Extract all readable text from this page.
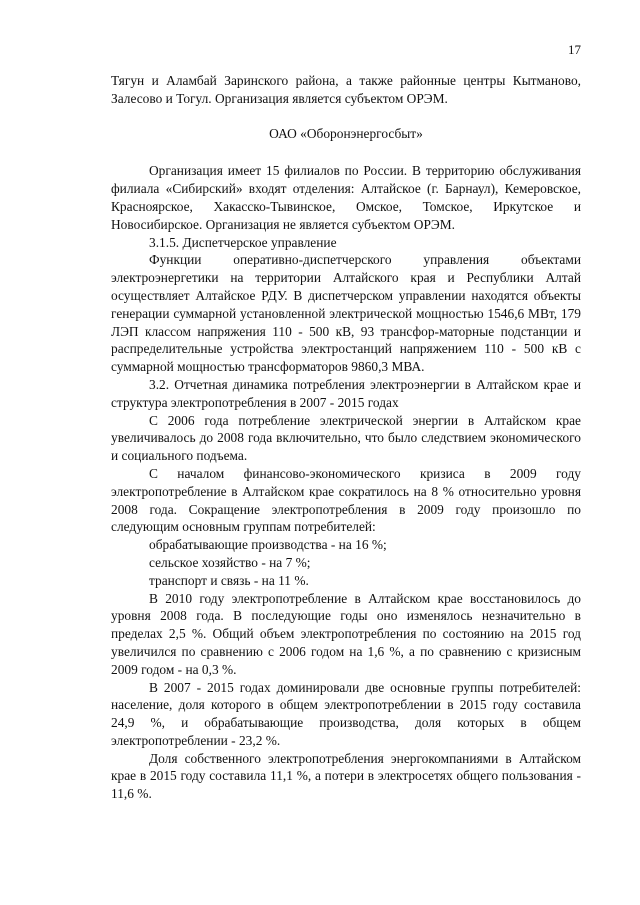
17

Тягун и Аламбай Заринского района, а также районные центры Кытманово, Залесово и Тогул. Организация является субъектом ОРЭМ.

ОАО «Оборонэнергосбыт»

Организация имеет 15 филиалов по России. В территорию обслуживания филиала «Сибирский» входят отделения: Алтайское (г. Барнаул), Кемеровское, Красноярское, Хакасско-Тывинское, Омское, Томское, Иркутское и Новосибирское. Организация не является субъектом ОРЭМ.

3.1.5. Диспетчерское управление

Функции оперативно-диспетчерского управления объектами электроэнергетики на территории Алтайского края и Республики Алтай осуществляет Алтайское РДУ. В диспетчерском управлении находятся объекты генерации суммарной установленной электрической мощностью 1546,6 МВт, 179 ЛЭП классом напряжения 110 - 500 кВ, 93 трансфор-маторные подстанции и распределительные устройства электростанций напряжением 110 - 500 кВ с суммарной мощностью трансформаторов 9860,3 МВА.

3.2. Отчетная динамика потребления электроэнергии в Алтайском крае и структура электропотребления в 2007 - 2015 годах

С 2006 года потребление электрической энергии в Алтайском крае увеличивалось до 2008 года включительно, что было следствием экономического и социального подъема.

С началом финансово-экономического кризиса в 2009 году электропотребление в Алтайском крае сократилось на 8 % относительно уровня 2008 года. Сокращение электропотребления в 2009 году произошло по следующим основным группам потребителей:

обрабатывающие производства - на 16 %;

сельское хозяйство - на 7 %;

транспорт и связь - на 11 %.

В 2010 году электропотребление в Алтайском крае восстановилось до уровня 2008 года. В последующие годы оно изменялось незначительно в пределах 2,5 %. Общий объем электропотребления по состоянию на 2015 год увеличился по сравнению с 2006 годом на 1,6 %, а по сравнению с кризисным 2009 годом - на 0,3 %.

В 2007 - 2015 годах доминировали две основные группы потребителей: население, доля которого в общем электропотреблении в 2015 году составила 24,9 %, и обрабатывающие производства, доля которых в общем электропотреблении - 23,2 %.

Доля собственного электропотребления энергокомпаниями в Алтайском крае в 2015 году составила 11,1 %, а потери в электросетях общего пользования - 11,6 %.
